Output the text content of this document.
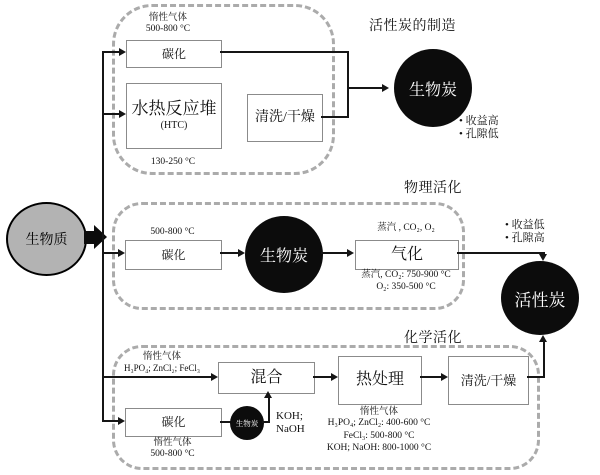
活性炭的制造
物理活化
化学活化
生物质
惰性气体
500-800 °C
碳化
水热反应堆
(HTC)
130-250 °C
清洗/干燥
生物炭
• 收益高
• 孔隙低
500-800 °C
碳化	生物炭
蒸汽 , CO₂, O₂
气化
蒸汽, CO₂: 750-900 °C
O₂: 350-500 °C
• 收益低
• 孔隙高
活性炭
惰性气体
H₃PO₄; ZnCl₂; FeCl₃
混合	热处理	清洗/干燥
碳化
惰性气体
500-800 °C
生物炭
KOH;
NaOH
惰性气体
H₃PO₄; ZnCl₂: 400-600 °C
FeCl₃: 500-800 °C
KOH; NaOH: 800-1000 °C
